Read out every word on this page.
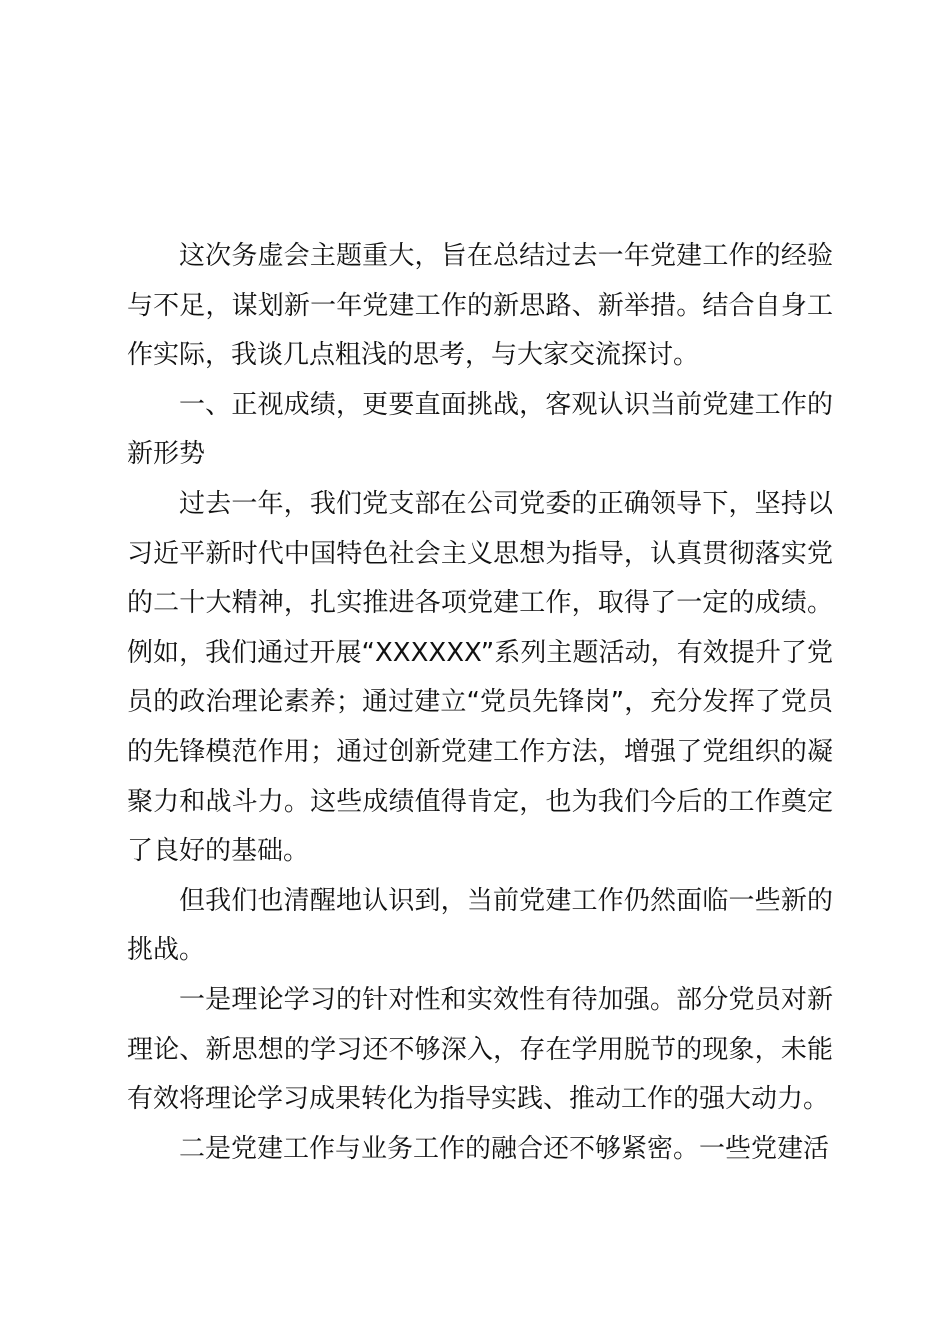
这次务虚会主题重大，旨在总结过去一年党建工作的经验与不足，谋划新一年党建工作的新思路、新举措。结合自身工作实际，我谈几点粗浅的思考，与大家交流探讨。

一、正视成绩，更要直面挑战，客观认识当前党建工作的新形势

过去一年，我们党支部在公司党委的正确领导下，坚持以习近平新时代中国特色社会主义思想为指导，认真贯彻落实党的二十大精神，扎实推进各项党建工作，取得了一定的成绩。例如，我们通过开展“XXXXXX”系列主题活动，有效提升了党员的政治理论素养；通过建立“党员先锋岗”，充分发挥了党员的先锋模范作用；通过创新党建工作方法，增强了党组织的凝聚力和战斗力。这些成绩值得肯定，也为我们今后的工作奠定了良好的基础。

但我们也清醒地认识到，当前党建工作仍然面临一些新的挑战。

一是理论学习的针对性和实效性有待加强。部分党员对新理论、新思想的学习还不够深入，存在学用脱节的现象，未能有效将理论学习成果转化为指导实践、推动工作的强大动力。

二是党建工作与业务工作的融合还不够紧密。一些党建活
